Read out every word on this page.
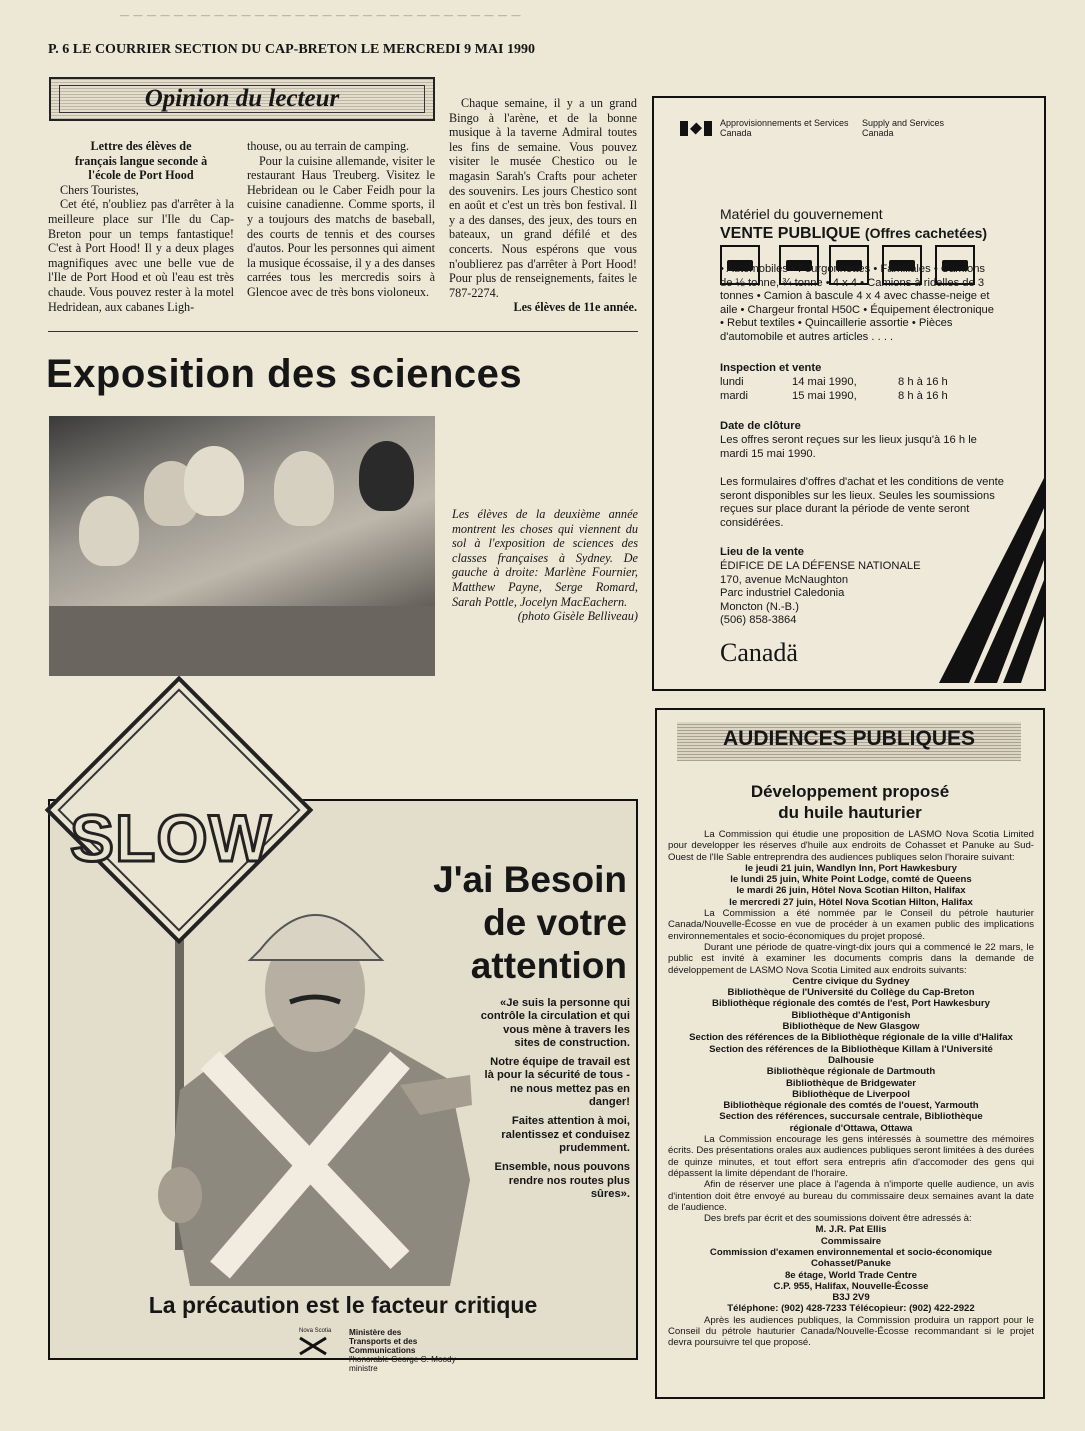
— — — — — — — — — — — — — — — — — — — — — — — — — — — — — —
P. 6 LE COURRIER SECTION DU CAP-BRETON LE MERCREDI 9 MAI 1990
Opinion du lecteur

Lettre des élèves de

français langue seconde à

l'école de Port Hood

Chers Touristes,

Cet été, n'oubliez pas d'arrêter à la meilleure place sur l'Ile du Cap-Breton pour un temps fantastique! C'est à Port Hood! Il y a deux plages magnifiques avec une belle vue de l'Ile de Port Hood et où l'eau est très chaude. Vous pouvez rester à la motel Hedridean, aux cabanes Ligh-

thouse, ou au terrain de camping.

Pour la cuisine allemande, visiter le restaurant Haus Treuberg. Visitez le Hebridean ou le Caber Feidh pour la cuisine canadienne. Comme sports, il y a toujours des matchs de baseball, des courts de tennis et des courses d'autos. Pour les personnes qui aiment la musique écossaise, il y a des danses carrées tous les mercredis soirs à Glencoe avec de très bons violoneux.

Chaque semaine, il y a un grand Bingo à l'arène, et de la bonne musique à la taverne Admiral toutes les fins de semaine. Vous pouvez visiter le musée Chestico ou le magasin Sarah's Crafts pour acheter des souvenirs. Les jours Chestico sont en août et c'est un très bon festival. Il y a des danses, des jeux, des tours en bateaux, un grand défilé et des concerts. Nous espérons que vous n'oublierez pas d'arrêter à Port Hood! Pour plus de renseignements, faites le 787-2274.

Les élèves de 11e année.

Exposition des sciences
Les élèves de la deuxième année montrent les choses qui viennent du sol à l'exposition de sciences des classes françaises à Sydney. De gauche à droite: Marlène Fournier, Matthew Payne, Serge Romard, Sarah Pottle, Jocelyn MacEachern.
(photo Gisèle Belliveau)
Approvisionnements et Services
Canada
Supply and Services
Canada
Matériel du gouvernement
VENTE PUBLIQUE (Offres cachetées)
• Automobiles • Fourgonnettes • Familiales • Camions de ½ tonne, ¾ tonne • 4 x 4 • Camions à ridelles de 3 tonnes • Camion à bascule 4 x 4 avec chasse-neige et aile • Chargeur frontal H50C • Équipement électronique • Rebut textiles • Quincaillerie assortie • Pièces d'automobile et autres articles . . . .
Inspection et vente
lundi	14 mai 1990,	8 h à 16 h
mardi	15 mai 1990,	8 h à 16 h
Date de clôture
Les offres seront reçues sur les lieux jusqu'à 16 h le mardi 15 mai 1990.
Les formulaires d'offres d'achat et les conditions de vente seront disponibles sur les lieux. Seules les soumissions reçues sur place durant la période de vente seront considérées.
Lieu de la vente
ÉDIFICE DE LA DÉFENSE NATIONALE
170, avenue McNaughton
Parc industriel Caledonia
Moncton (N.-B.)
(506) 858-3864
Canadä
AUDIENCES PUBLIQUES
Développement proposé
du huile hauturier

La Commission qui étudie une proposition de LASMO Nova Scotia Limited pour developper les réserves d'huile aux endroits de Cohasset et Panuke au Sud-Ouest de l'Ile Sable entreprendra des audiences publiques selon l'horaire suivant:

le jeudi 21 juin, Wandlyn Inn, Port Hawkesbury

le lundi 25 juin, White Point Lodge, comté de Queens

le mardi 26 juin, Hôtel Nova Scotian Hilton, Halifax

le mercredi 27 juin, Hôtel Nova Scotian Hilton, Halifax

La Commission a été nommée par le Conseil du pétrole hauturier Canada/Nouvelle-Écosse en vue de procéder à un examen public des implications environnementales et socio-économiques du projet proposé.

Durant une période de quatre-vingt-dix jours qui a commencé le 22 mars, le public est invité à examiner les documents compris dans la demande de développement de LASMO Nova Scotia Limited aux endroits suivants:

Centre civique du Sydney

Bibliothèque de l'Université du Collège du Cap-Breton

Bibliothèque régionale des comtés de l'est, Port Hawkesbury

Bibliothèque d'Antigonish

Bibliothèque de New Glasgow

Section des références de la Bibliothèque régionale de la ville d'Halifax

Section des références de la Bibliothèque Killam à l'Université

Dalhousie

Bibliothèque régionale de Dartmouth

Bibliothèque de Bridgewater

Bibliothèque de Liverpool

Bibliothèque régionale des comtés de l'ouest, Yarmouth

Section des références, succursale centrale, Bibliothèque

régionale d'Ottawa, Ottawa

La Commission encourage les gens intéressés à soumettre des mémoires écrits. Des présentations orales aux audiences publiques seront limitées à des durées de quinze minutes, et tout effort sera entrepris afin d'accomoder des gens qui dépassent la limite dépendant de l'horaire.

Afin de réserver une place à l'agenda à n'importe quelle audience, un avis d'intention doit être envoyé au bureau du commissaire deux semaines avant la date de l'audience.

Des brefs par écrit et des soumissions doivent être adressés à:

M. J.R. Pat Ellis

Commissaire

Commission d'examen environnemental et socio-économique

Cohasset/Panuke

8e étage, World Trade Centre

C.P. 955, Halifax, Nouvelle-Écosse

B3J 2V9

Téléphone: (902) 428-7233 Télécopieur: (902) 422-2922

Après les audiences publiques, la Commission produira un rapport pour le Conseil du pétrole hauturier Canada/Nouvelle-Écosse recommandant si le projet devra poursuivre tel que proposé.

SLOW
J'ai Besoin
de votre
attention

«Je suis la personne qui contrôle la circulation et qui vous mène à travers les sites de construction.

Notre équipe de travail est là pour la sécurité de tous - ne nous mettez pas en danger!

Faites attention à moi, ralentissez et conduisez prudemment.

Ensemble, nous pouvons rendre nos routes plus sûres».

La précaution est le facteur critique
Nova Scotia Ministère des
Transports et des
Communications
l'honorable George C. Moody
ministre
